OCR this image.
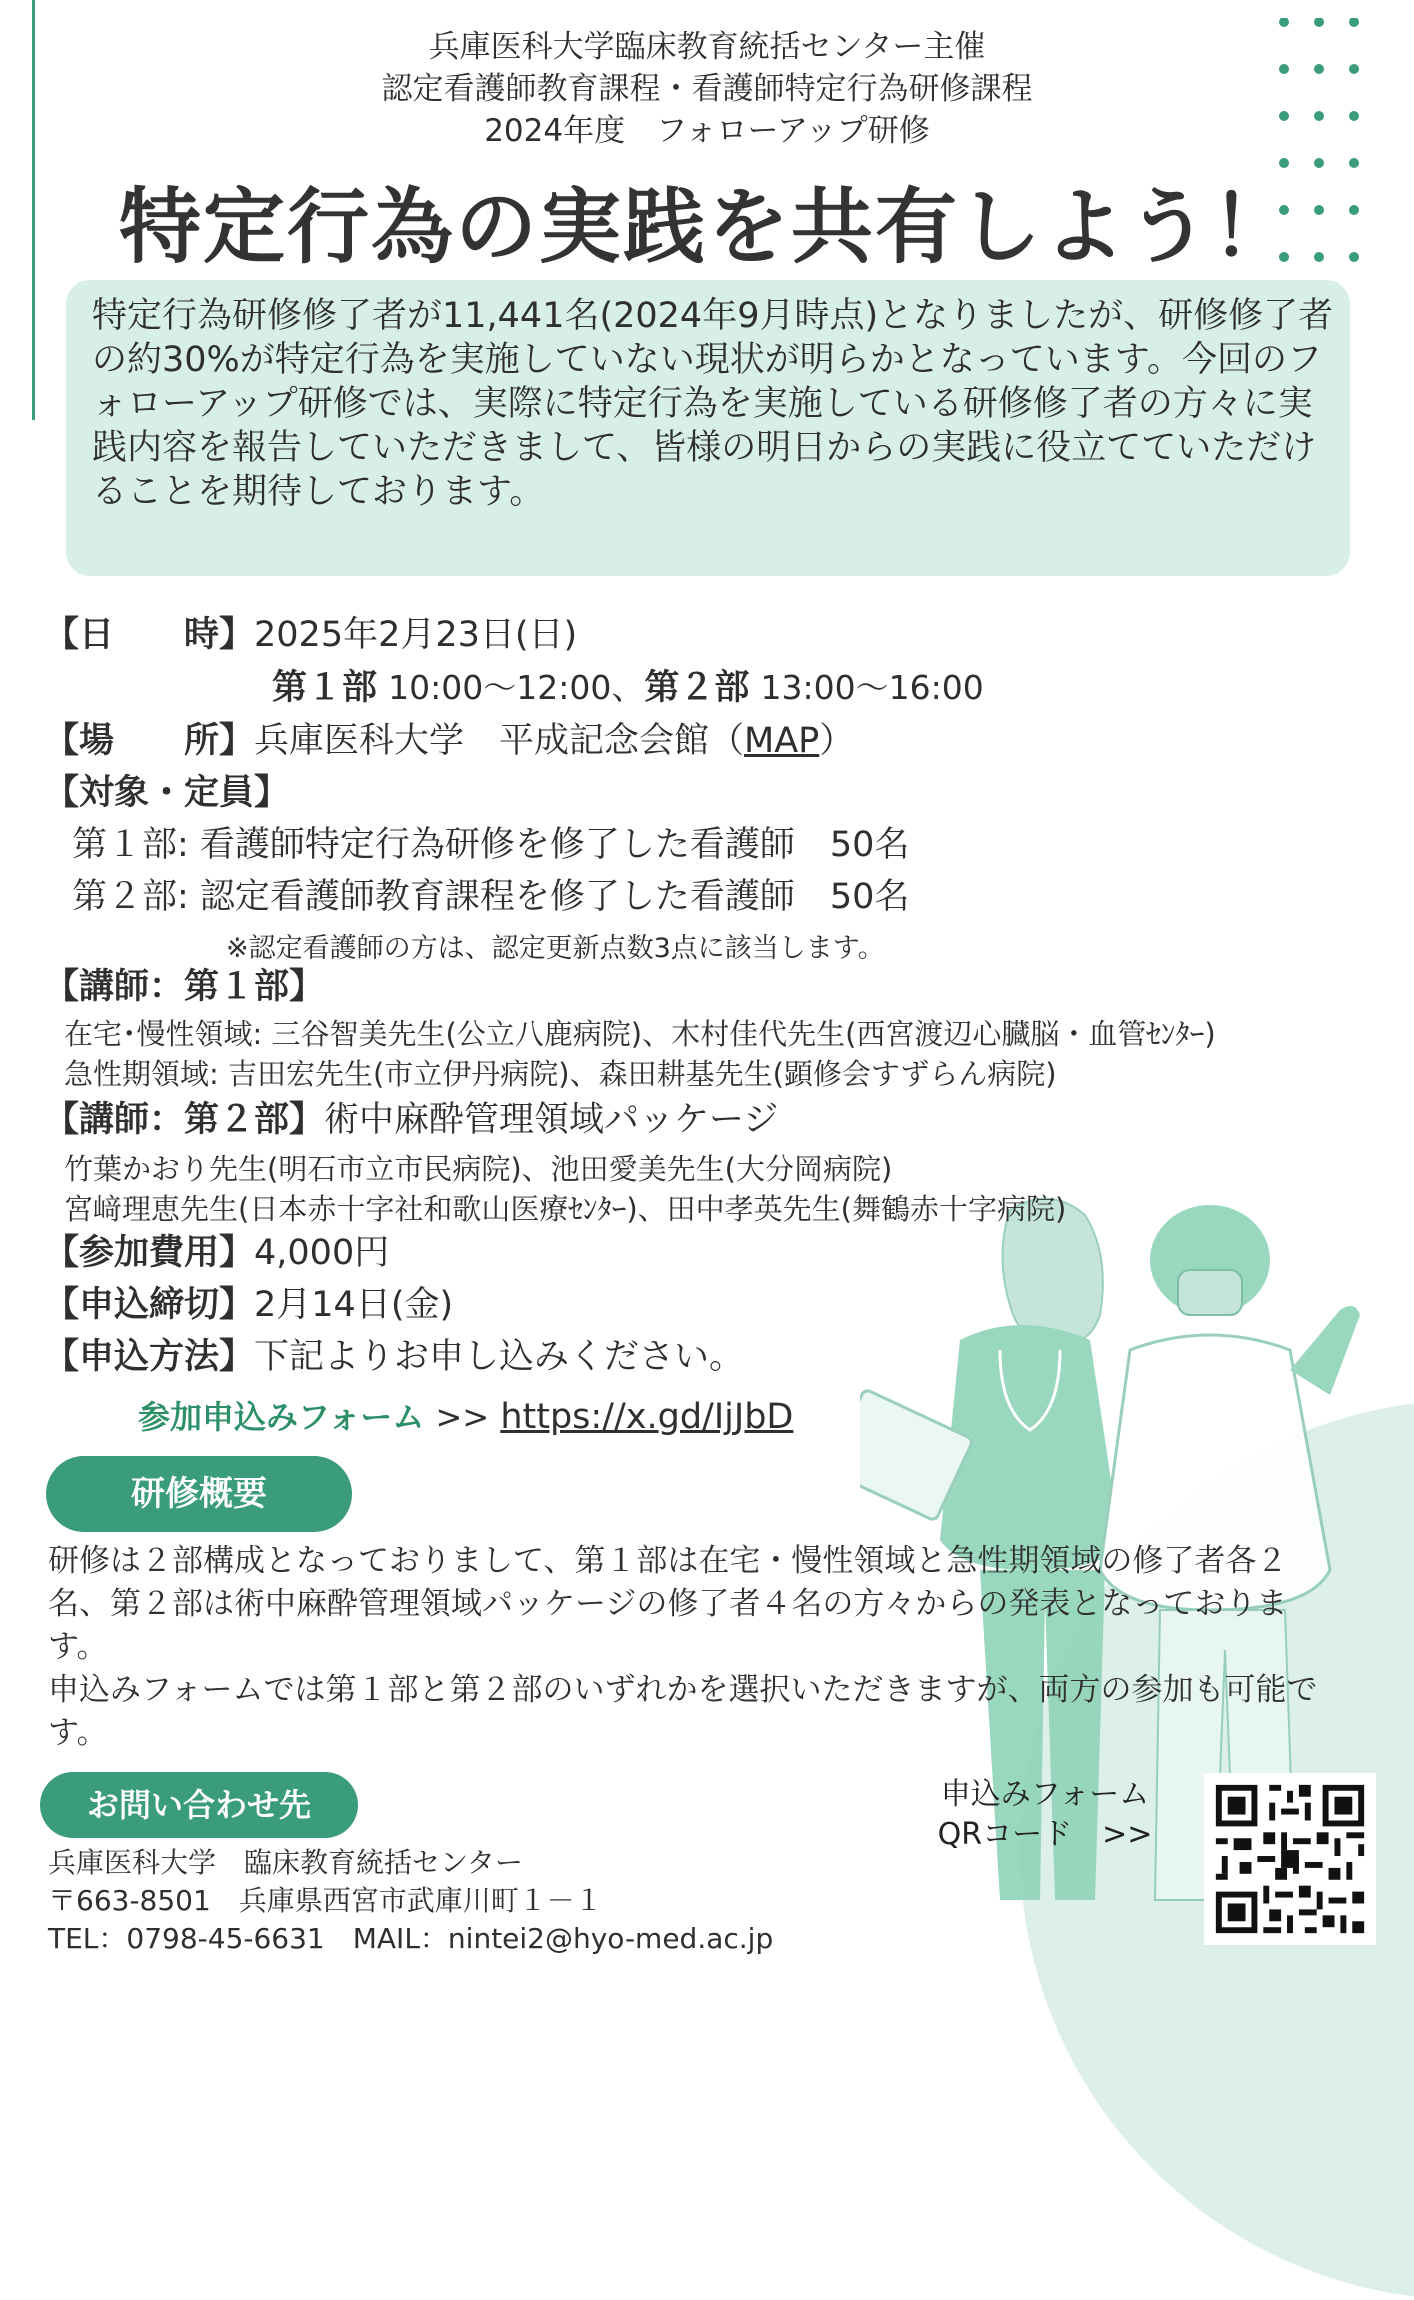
兵庫医科大学臨床教育統括センター主催
認定看護師教育課程・看護師特定行為研修課程
2024年度　フォローアップ研修
特定行為の実践を共有しよう！

特定行為研修修了者が11,441名(2024年9月時点)となりましたが、研修修了者の約30%が特定行為を実施していない現状が明らかとなっています。今回のフォローアップ研修では、実際に特定行為を実施している研修修了者の方々に実践内容を報告していただきまして、皆様の明日からの実践に役立てていただけることを期待しております。

【日　　時】2025年2月23日(日)
第１部 10:00～12:00、第２部 13:00～16:00
【場　　所】兵庫医科大学　平成記念会館（MAP）
【対象・定員】
第１部: 看護師特定行為研修を修了した看護師　50名
第２部: 認定看護師教育課程を修了した看護師　50名
※認定看護師の方は、認定更新点数3点に該当します。
【講師：第１部】
在宅･慢性領域: 三谷智美先生(公立八鹿病院)、木村佳代先生(西宮渡辺心臓脳・血管ｾﾝﾀｰ)
急性期領域: 吉田宏先生(市立伊丹病院)、森田耕基先生(顕修会すずらん病院)
【講師：第２部】術中麻酔管理領域パッケージ
竹葉かおり先生(明石市立市民病院)、池田愛美先生(大分岡病院)
宮﨑理恵先生(日本赤十字社和歌山医療ｾﾝﾀｰ)、田中孝英先生(舞鶴赤十字病院)
【参加費用】4,000円
【申込締切】2月14日(金)
【申込方法】下記よりお申し込みください。
参加申込みフォーム >> https://x.gd/IjJbD
研修概要

研修は２部構成となっておりまして、第１部は在宅・慢性領域と急性期領域の修了者各２名、第２部は術中麻酔管理領域パッケージの修了者４名の方々からの発表となっております。

申込みフォームでは第１部と第２部のいずれかを選択いただきますが、両方の参加も可能です。

お問い合わせ先
兵庫医科大学　臨床教育統括センター
〒663-8501　兵庫県西宮市武庫川町１－１
TEL：0798-45-6631　MAIL：nintei2@hyo-med.ac.jp
申込みフォーム
QRコード　>>
